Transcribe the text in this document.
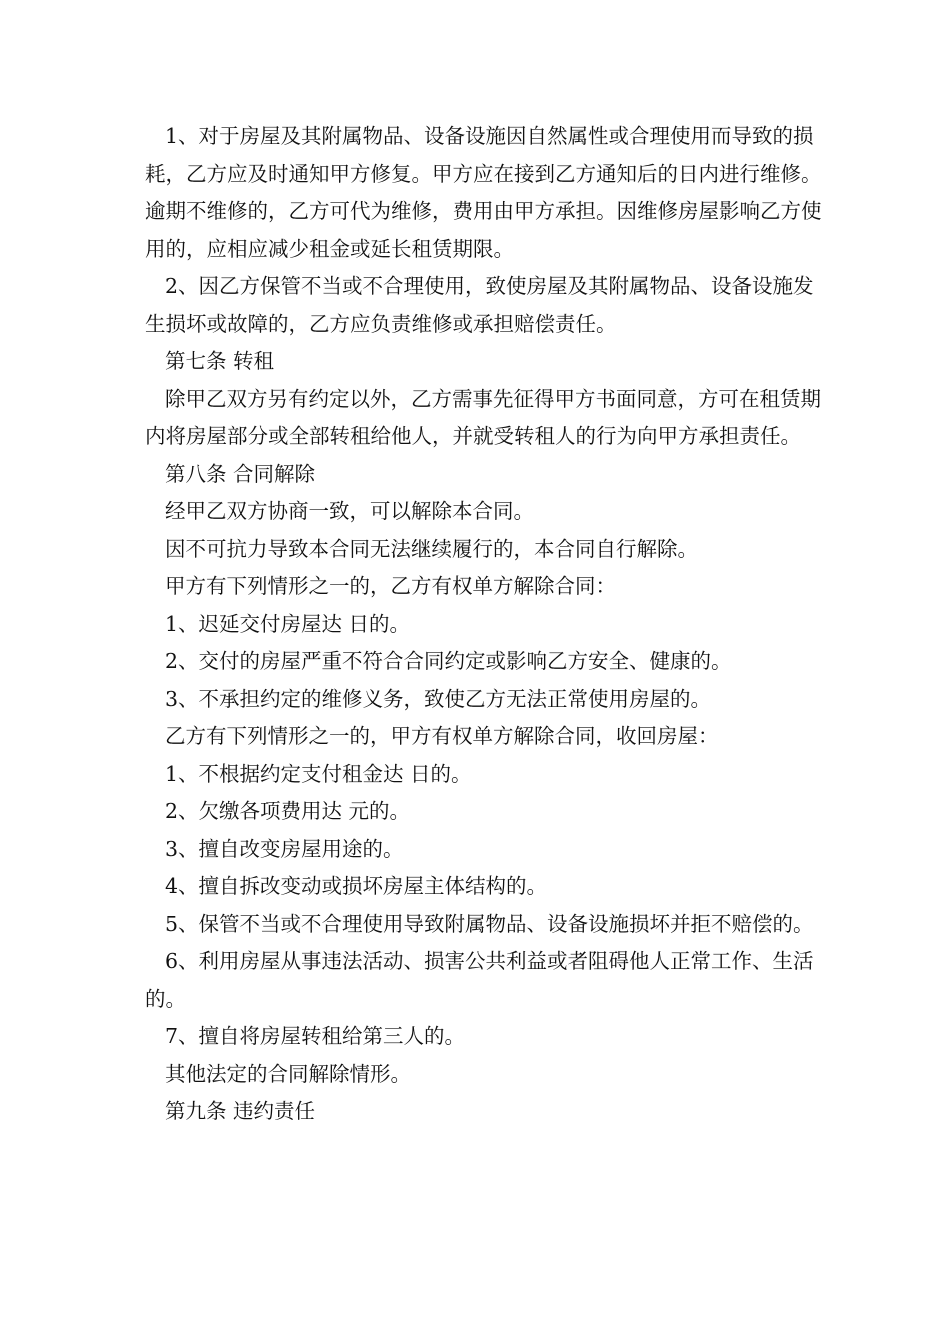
1、对于房屋及其附属物品、设备设施因自然属性或合理使用而导致的损耗，乙方应及时通知甲方修复。甲方应在接到乙方通知后的日内进行维修。逾期不维修的，乙方可代为维修，费用由甲方承担。因维修房屋影响乙方使用的，应相应减少租金或延长租赁期限。

2、因乙方保管不当或不合理使用，致使房屋及其附属物品、设备设施发生损坏或故障的，乙方应负责维修或承担赔偿责任。

第七条 转租

除甲乙双方另有约定以外，乙方需事先征得甲方书面同意，方可在租赁期内将房屋部分或全部转租给他人，并就受转租人的行为向甲方承担责任。

第八条 合同解除

经甲乙双方协商一致，可以解除本合同。

因不可抗力导致本合同无法继续履行的，本合同自行解除。

甲方有下列情形之一的，乙方有权单方解除合同：

1、迟延交付房屋达 日的。

2、交付的房屋严重不符合合同约定或影响乙方安全、健康的。

3、不承担约定的维修义务，致使乙方无法正常使用房屋的。

乙方有下列情形之一的，甲方有权单方解除合同，收回房屋：

1、不根据约定支付租金达 日的。

2、欠缴各项费用达 元的。

3、擅自改变房屋用途的。

4、擅自拆改变动或损坏房屋主体结构的。

5、保管不当或不合理使用导致附属物品、设备设施损坏并拒不赔偿的。

6、利用房屋从事违法活动、损害公共利益或者阻碍他人正常工作、生活的。

7、擅自将房屋转租给第三人的。

其他法定的合同解除情形。

第九条 违约责任
